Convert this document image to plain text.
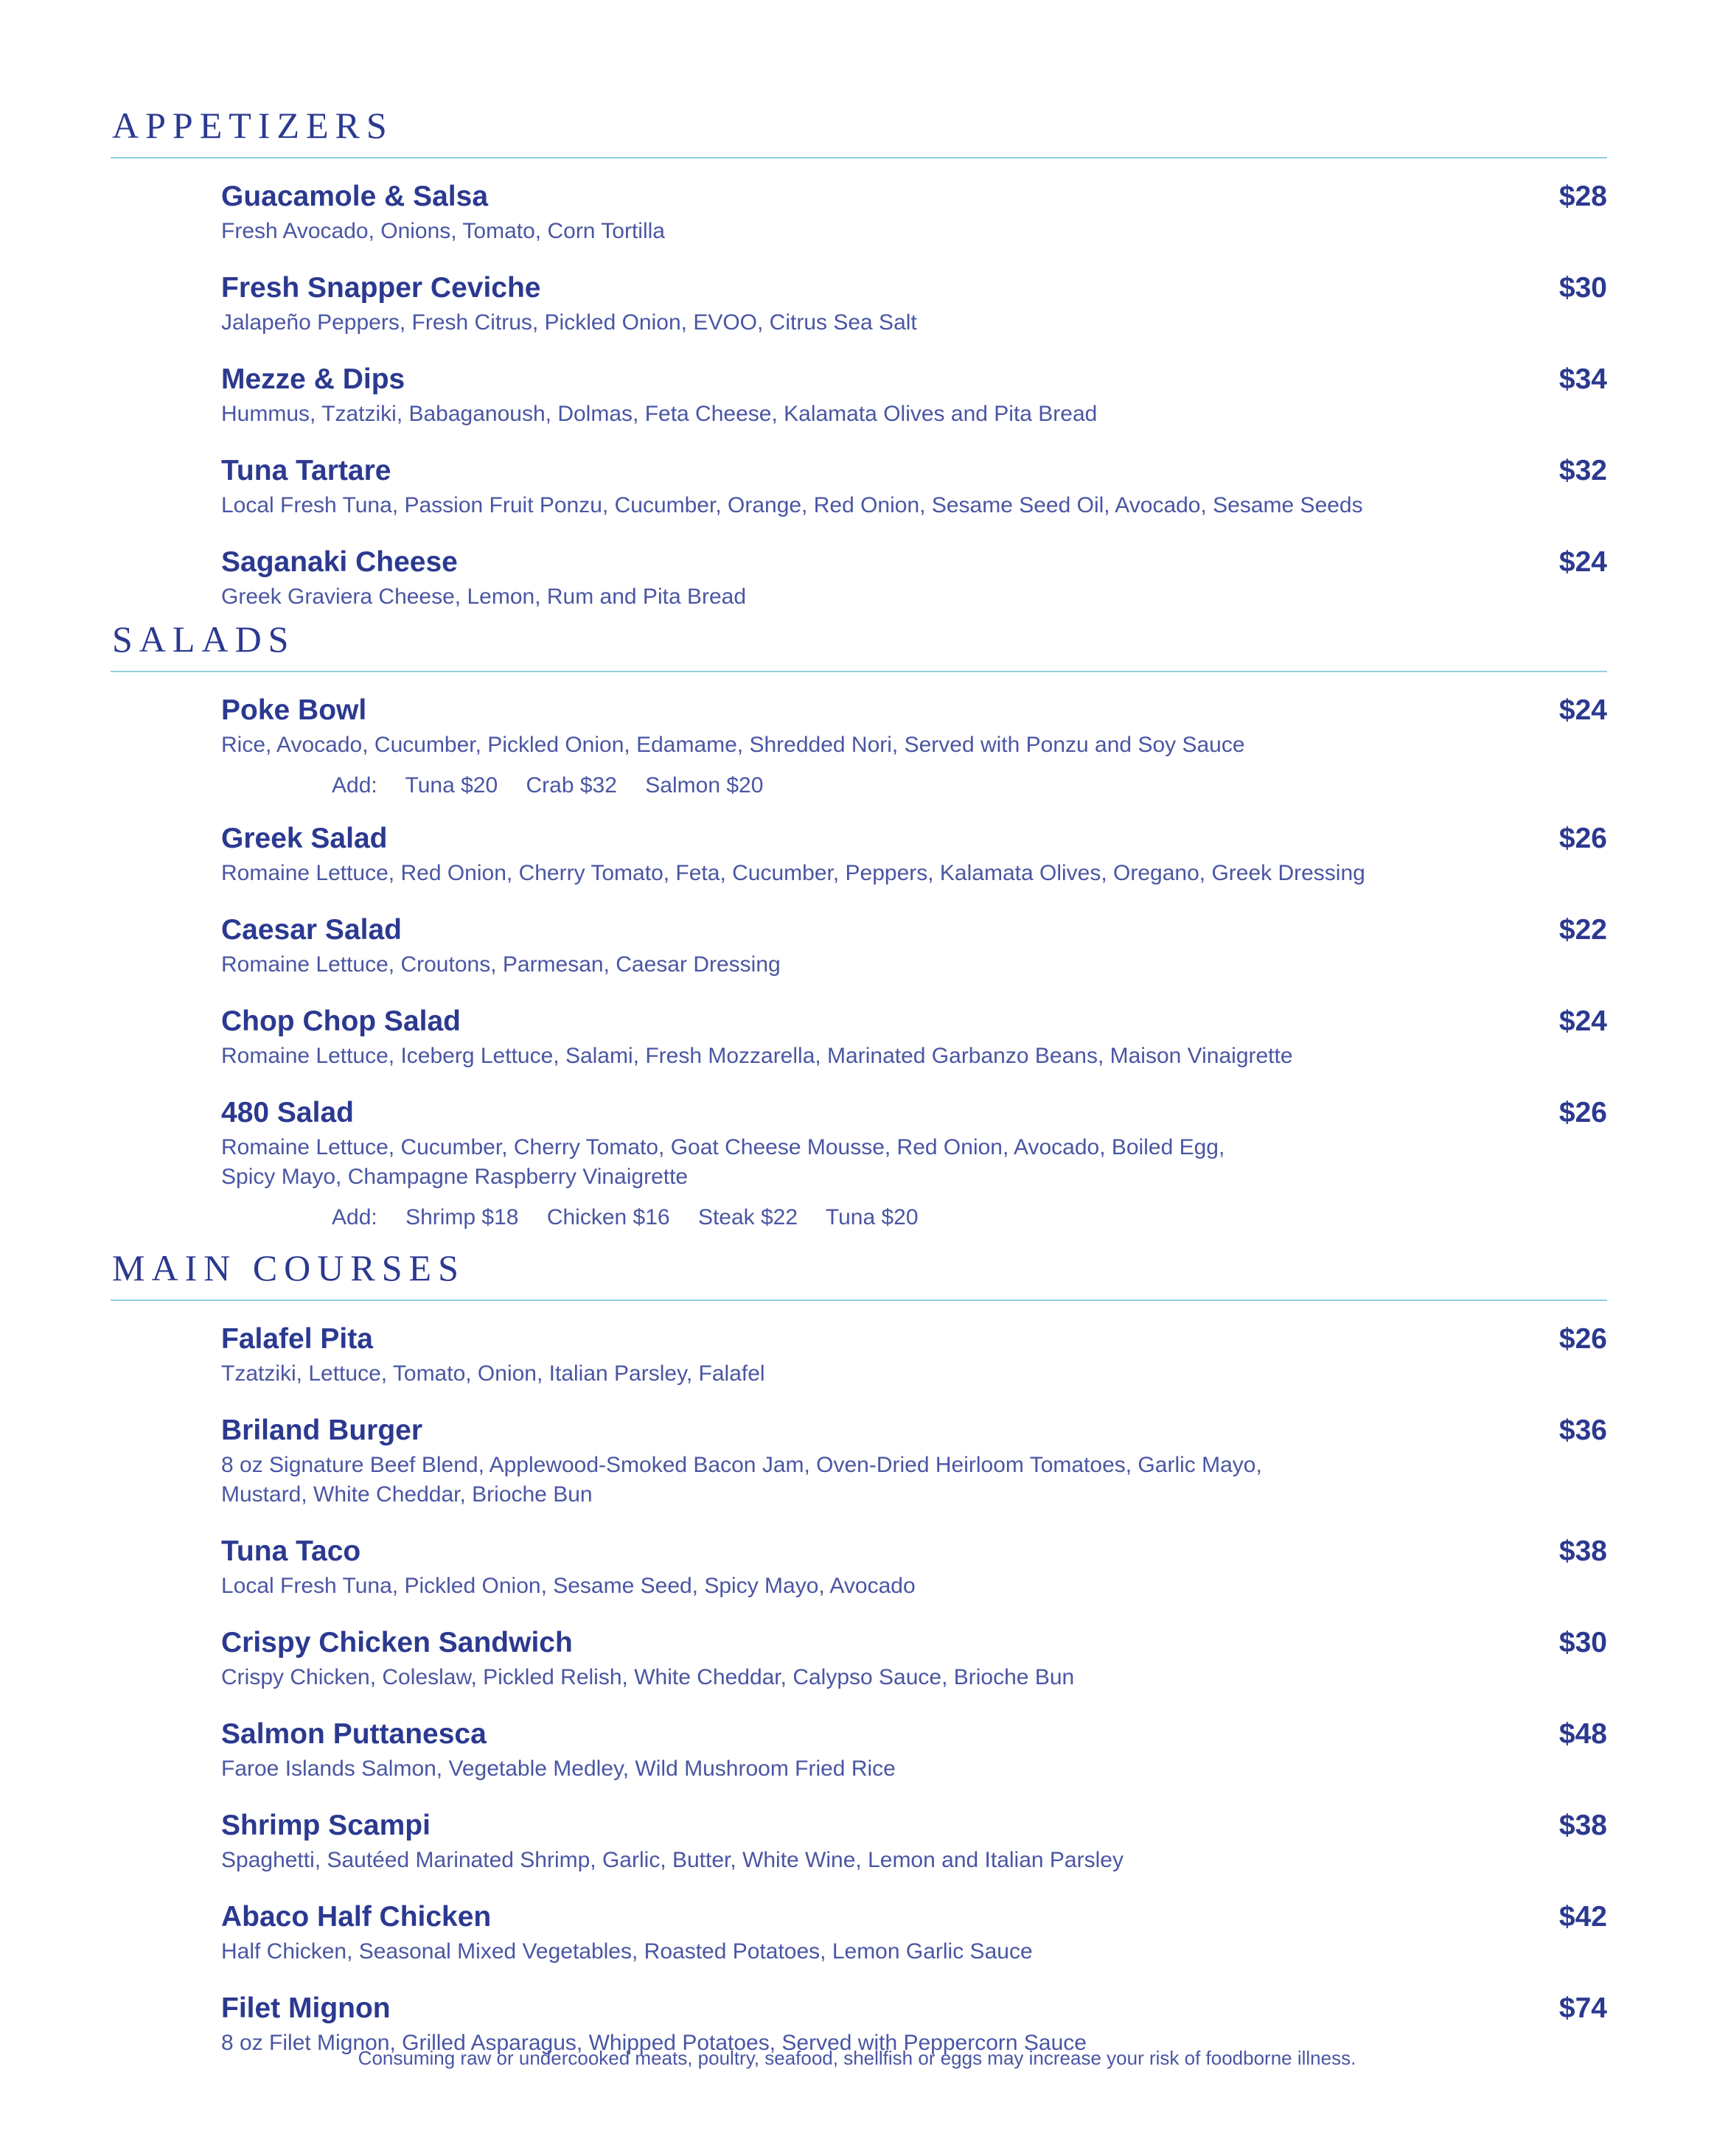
APPETIZERS
Guacamole & Salsa	$28
Fresh Avocado, Onions, Tomato, Corn Tortilla
Fresh Snapper Ceviche	$30
Jalapeño Peppers, Fresh Citrus, Pickled Onion, EVOO, Citrus Sea Salt
Mezze & Dips	$34
Hummus, Tzatziki, Babaganoush, Dolmas, Feta Cheese, Kalamata Olives and Pita Bread
Tuna Tartare	$32
Local Fresh Tuna, Passion Fruit Ponzu, Cucumber, Orange, Red Onion, Sesame Seed Oil, Avocado, Sesame Seeds
Saganaki Cheese	$24
Greek Graviera Cheese, Lemon, Rum and Pita Bread
SALADS
Poke Bowl	$24
Rice, Avocado, Cucumber, Pickled Onion, Edamame, Shredded Nori, Served with Ponzu and Soy Sauce
Add: Tuna $20 Crab $32 Salmon $20
Greek Salad	$26
Romaine Lettuce, Red Onion, Cherry Tomato, Feta, Cucumber, Peppers, Kalamata Olives, Oregano, Greek Dressing
Caesar Salad	$22
Romaine Lettuce, Croutons, Parmesan, Caesar Dressing
Chop Chop Salad	$24
Romaine Lettuce, Iceberg Lettuce, Salami, Fresh Mozzarella, Marinated Garbanzo Beans, Maison Vinaigrette
480 Salad	$26
Romaine Lettuce, Cucumber, Cherry Tomato, Goat Cheese Mousse, Red Onion, Avocado, Boiled Egg,
Spicy Mayo, Champagne Raspberry Vinaigrette
Add: Shrimp $18 Chicken $16 Steak $22 Tuna $20
MAIN COURSES
Falafel Pita	$26
Tzatziki, Lettuce, Tomato, Onion, Italian Parsley, Falafel
Briland Burger	$36
8 oz Signature Beef Blend, Applewood-Smoked Bacon Jam, Oven-Dried Heirloom Tomatoes, Garlic Mayo,
Mustard, White Cheddar, Brioche Bun
Tuna Taco	$38
Local Fresh Tuna, Pickled Onion, Sesame Seed, Spicy Mayo, Avocado
Crispy Chicken Sandwich	$30
Crispy Chicken, Coleslaw, Pickled Relish, White Cheddar, Calypso Sauce, Brioche Bun
Salmon Puttanesca	$48
Faroe Islands Salmon, Vegetable Medley, Wild Mushroom Fried Rice
Shrimp Scampi	$38
Spaghetti, Sautéed Marinated Shrimp, Garlic, Butter, White Wine, Lemon and Italian Parsley
Abaco Half Chicken	$42
Half Chicken, Seasonal Mixed Vegetables, Roasted Potatoes, Lemon Garlic Sauce
Filet Mignon	$74
8 oz Filet Mignon, Grilled Asparagus, Whipped Potatoes, Served with Peppercorn Sauce
Consuming raw or undercooked meats, poultry, seafood, shellfish or eggs may increase your risk of foodborne illness.
